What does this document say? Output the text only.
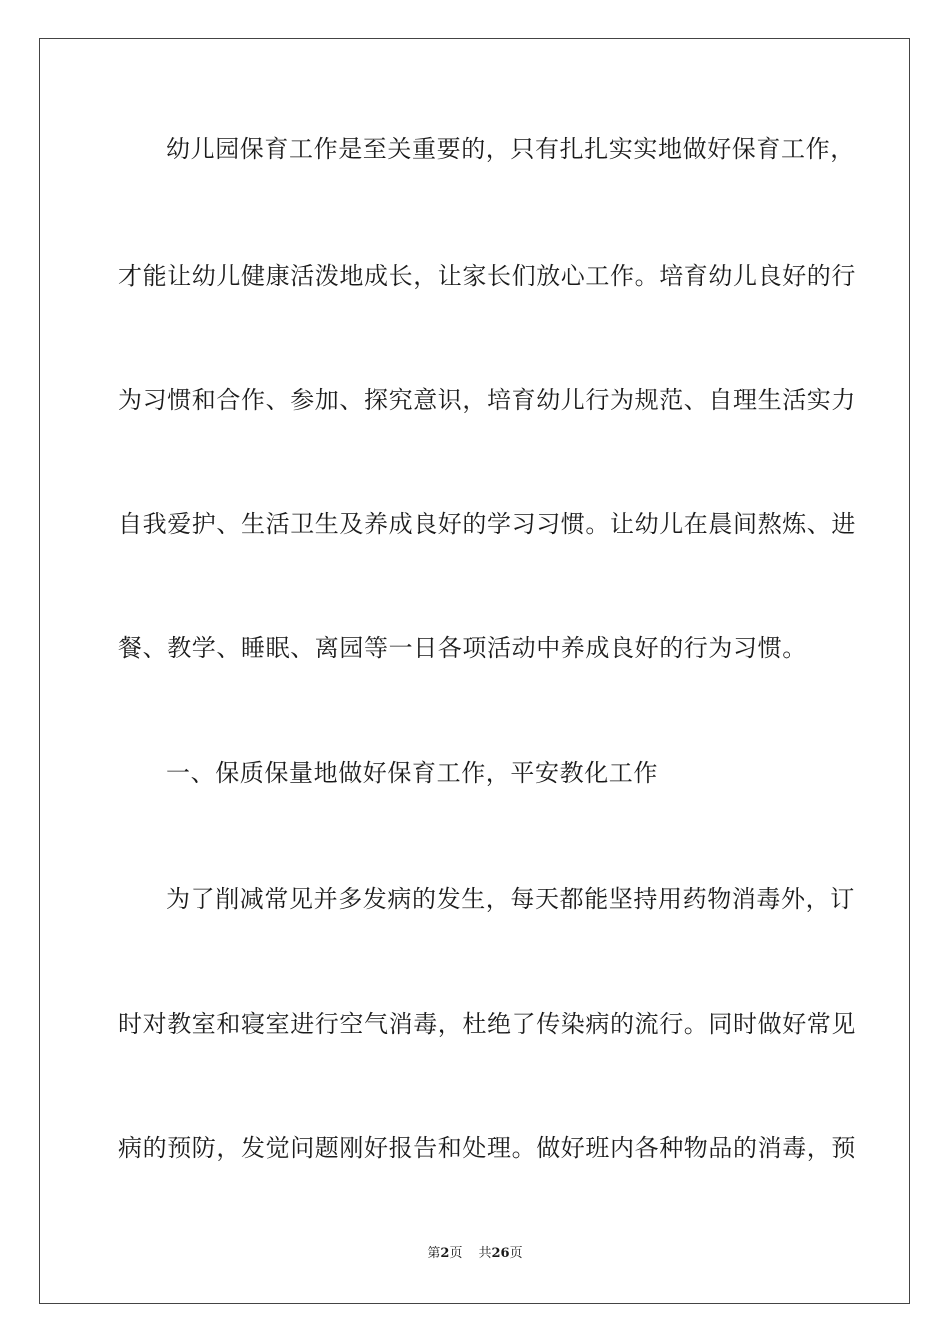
幼儿园保育工作是至关重要的，只有扎扎实实地做好保育工作，
才能让幼儿健康活泼地成长，让家长们放心工作。培育幼儿良好的行
为习惯和合作、参加、探究意识，培育幼儿行为规范、自理生活实力
自我爱护、生活卫生及养成良好的学习习惯。让幼儿在晨间熬炼、进
餐、教学、睡眠、离园等一日各项活动中养成良好的行为习惯。
一、保质保量地做好保育工作，平安教化工作
为了削减常见并多发病的发生，每天都能坚持用药物消毒外，订
时对教室和寝室进行空气消毒，杜绝了传染病的流行。同时做好常见
病的预防，发觉问题刚好报告和处理。做好班内各种物品的消毒，预
第2页 共26页
